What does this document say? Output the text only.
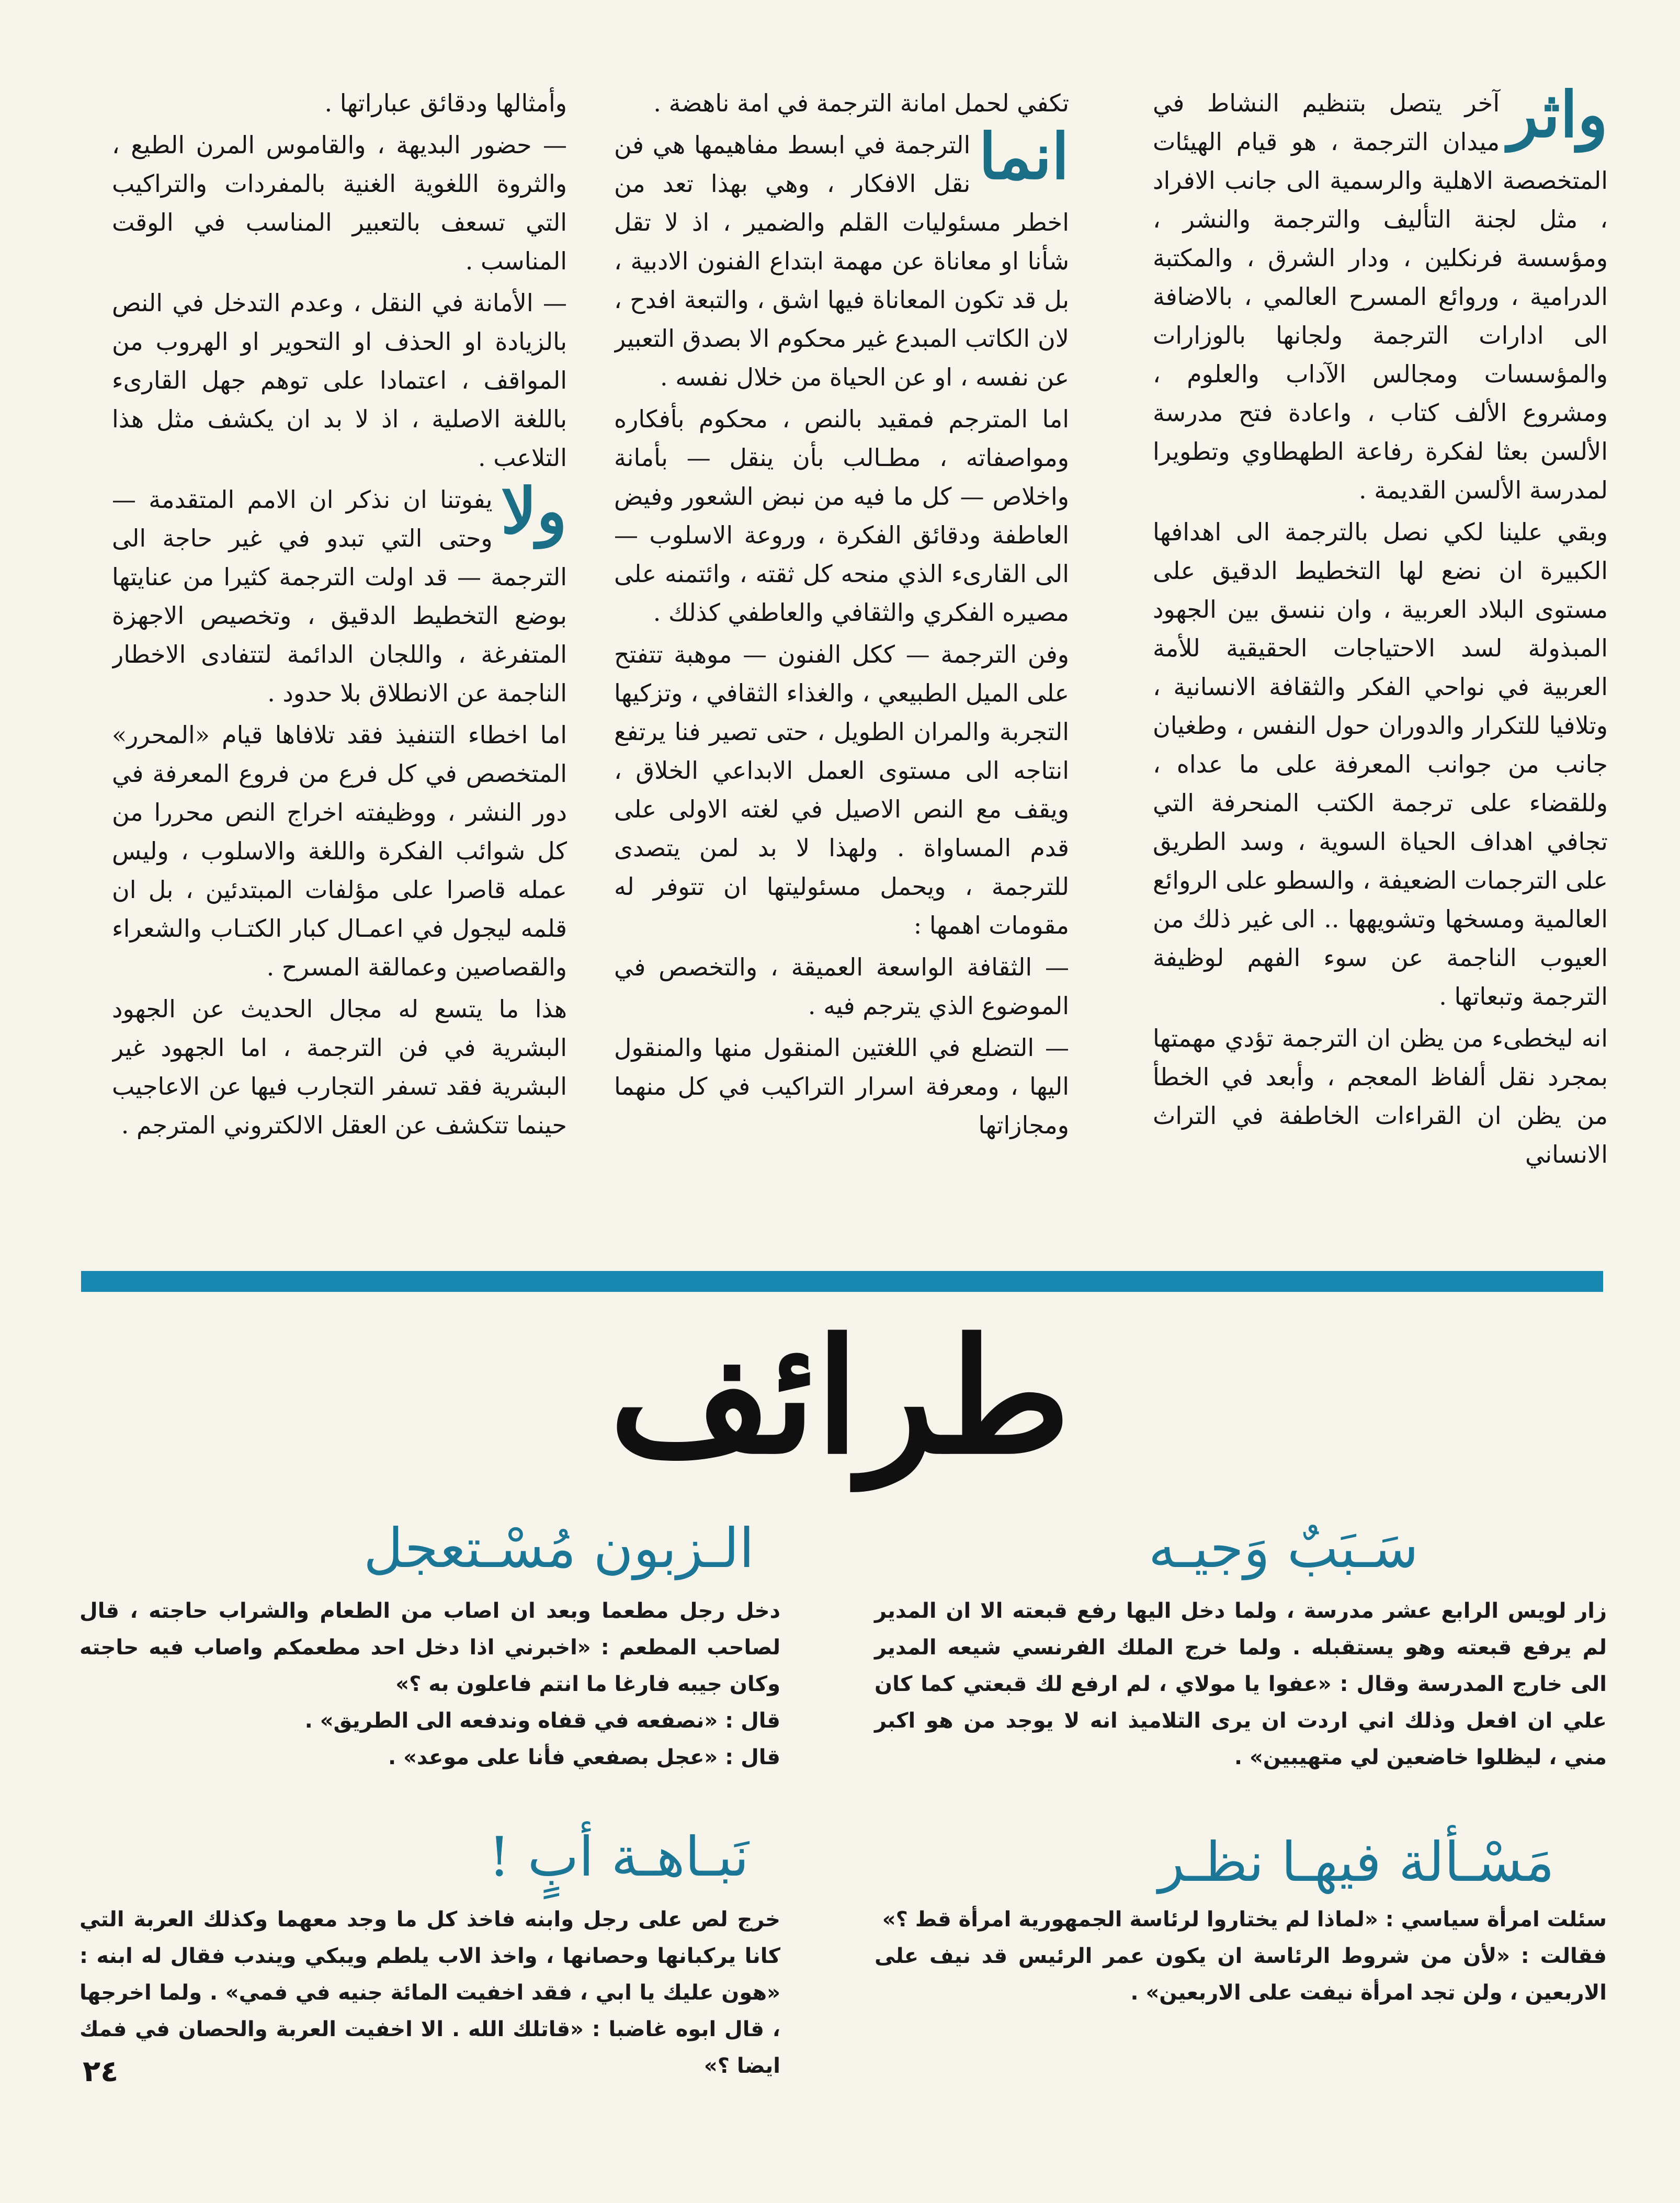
واثر

آخر يتصل بتنظيم النشاط في ميدان الترجمة ، هو قيام الهيئات المتخصصة الاهلية والرسمية الى جانب الافراد ، مثل لجنة التأليف والترجمة والنشر ، ومؤسسة فرنكلين ، ودار الشرق ، والمكتبة الدرامية ، وروائع المسرح العالمي ، بالاضافة الى ادارات الترجمة ولجانها بالوزارات والمؤسسات ومجالس الآداب والعلوم ، ومشروع الألف كتاب ، واعادة فتح مدرسة الألسن بعثا لفكرة رفاعة الطهطاوي وتطويرا لمدرسة الألسن القديمة .

وبقي علينا لكي نصل بالترجمة الى اهدافها الكبيرة ان نضع لها التخطيط الدقيق على مستوى البلاد العربية ، وان ننسق بين الجهود المبذولة لسد الاحتياجات الحقيقية للأمة العربية في نواحي الفكر والثقافة الانسانية ، وتلافيا للتكرار والدوران حول النفس ، وطغيان جانب من جوانب المعرفة على ما عداه ، وللقضاء على ترجمة الكتب المنحرفة التي تجافي اهداف الحياة السوية ، وسد الطريق على الترجمات الضعيفة ، والسطو على الروائع العالمية ومسخها وتشويهها .. الى غير ذلك من العيوب الناجمة عن سوء الفهم لوظيفة الترجمة وتبعاتها .

انه ليخطىء من يظن ان الترجمة تؤدي مهمتها بمجرد نقل ألفاظ المعجم ، وأبعد في الخطأ من يظن ان القراءات الخاطفة في التراث الانساني

تكفي لحمل امانة الترجمة في امة ناهضة .

انما

الترجمة في ابسط مفاهيمها هي فن نقل الافكار ، وهي بهذا تعد من اخطر مسئوليات القلم والضمير ، اذ لا تقل شأنا او معاناة عن مهمة ابتداع الفنون الادبية ، بل قد تكون المعاناة فيها اشق ، والتبعة افدح ، لان الكاتب المبدع غير محكوم الا بصدق التعبير عن نفسه ، او عن الحياة من خلال نفسه .

اما المترجم فمقيد بالنص ، محكوم بأفكاره ومواصفاته ، مطـالب بأن ينقل — بأمانة واخلاص — كل ما فيه من نبض الشعور وفيض العاطفة ودقائق الفكرة ، وروعة الاسلوب — الى القارىء الذي منحه كل ثقته ، وائتمنه على مصيره الفكري والثقافي والعاطفي كذلك .

وفن الترجمة — ككل الفنون — موهبة تتفتح على الميل الطبيعي ، والغذاء الثقافي ، وتزكيها التجربة والمران الطويل ، حتى تصير فنا يرتفع انتاجه الى مستوى العمل الابداعي الخلاق ، ويقف مع النص الاصيل في لغته الاولى على قدم المساواة . ولهذا لا بد لمن يتصدى للترجمة ، ويحمل مسئوليتها ان تتوفر له مقومات اهمها :

— الثقافة الواسعة العميقة ، والتخصص في الموضوع الذي يترجم فيه .

— التضلع في اللغتين المنقول منها والمنقول اليها ، ومعرفة اسرار التراكيب في كل منهما ومجازاتها

وأمثالها ودقائق عباراتها .

— حضور البديهة ، والقاموس المرن الطيع ، والثروة اللغوية الغنية بالمفردات والتراكيب التي تسعف بالتعبير المناسب في الوقت المناسب .

— الأمانة في النقل ، وعدم التدخل في النص بالزيادة او الحذف او التحوير او الهروب من المواقف ، اعتمادا على توهم جهل القارىء باللغة الاصلية ، اذ لا بد ان يكشف مثل هذا التلاعب .

ولا

يفوتنا ان نذكر ان الامم المتقدمة — وحتى التي تبدو في غير حاجة الى الترجمة — قد اولت الترجمة كثيرا من عنايتها بوضع التخطيط الدقيق ، وتخصيص الاجهزة المتفرغة ، واللجان الدائمة لتتفادى الاخطار الناجمة عن الانطلاق بلا حدود .

اما اخطاء التنفيذ فقد تلافاها قيام «المحرر» المتخصص في كل فرع من فروع المعرفة في دور النشر ، ووظيفته اخراج النص محررا من كل شوائب الفكرة واللغة والاسلوب ، وليس عمله قاصرا على مؤلفات المبتدئين ، بل ان قلمه ليجول في اعمـال كبار الكتـاب والشعراء والقصاصين وعمالقة المسرح .

هذا ما يتسع له مجال الحديث عن الجهود البشرية في فن الترجمة ، اما الجهود غير البشرية فقد تسفر التجارب فيها عن الاعاجيب حينما تتكشف عن العقل الالكتروني المترجم .

طرائف
سَـبَبٌ وَجيـه

زار لويس الرابع عشر مدرسة ، ولما دخل اليها رفع قبعته الا ان المدير لم يرفع قبعته وهو يستقبله . ولما خرج الملك الفرنسي شيعه المدير الى خارج المدرسة وقال : «عفوا يا مولاي ، لم ارفع لك قبعتي كما كان علي ان افعل وذلك اني اردت ان يرى التلاميذ انه لا يوجد من هو اكبر مني ، ليظلوا خاضعين لي متهيبين» .

الـزبون مُسْـتعجل

دخل رجل مطعما وبعد ان اصاب من الطعام والشراب حاجته ، قال لصاحب المطعم : «اخبرني اذا دخل احد مطعمكم واصاب فيه حاجته وكان جيبه فارغا ما انتم فاعلون به ؟»

قال : «نصفعه في قفاه وندفعه الى الطريق» .

قال : «عجل بصفعي فأنا على موعد» .

مَسْـألة فيهـا نظـر

سئلت امرأة سياسي : «لماذا لم يختاروا لرئاسة الجمهورية امرأة قط ؟»

فقالت : «لأن من شروط الرئاسة ان يكون عمر الرئيس قد نيف على الاربعين ، ولن تجد امرأة نيفت على الاربعين» .

نَبـاهـة أبٍ !

خرج لص على رجل وابنه فاخذ كل ما وجد معهما وكذلك العربة التي كانا يركبانها وحصانها ، واخذ الاب يلطم ويبكي ويندب فقال له ابنه : «هون عليك يا ابي ، فقد اخفيت المائة جنيه في فمي» . ولما اخرجها ، قال ابوه غاضبا : «قاتلك الله . الا اخفيت العربة والحصان في فمك ايضا ؟»

٢٤
